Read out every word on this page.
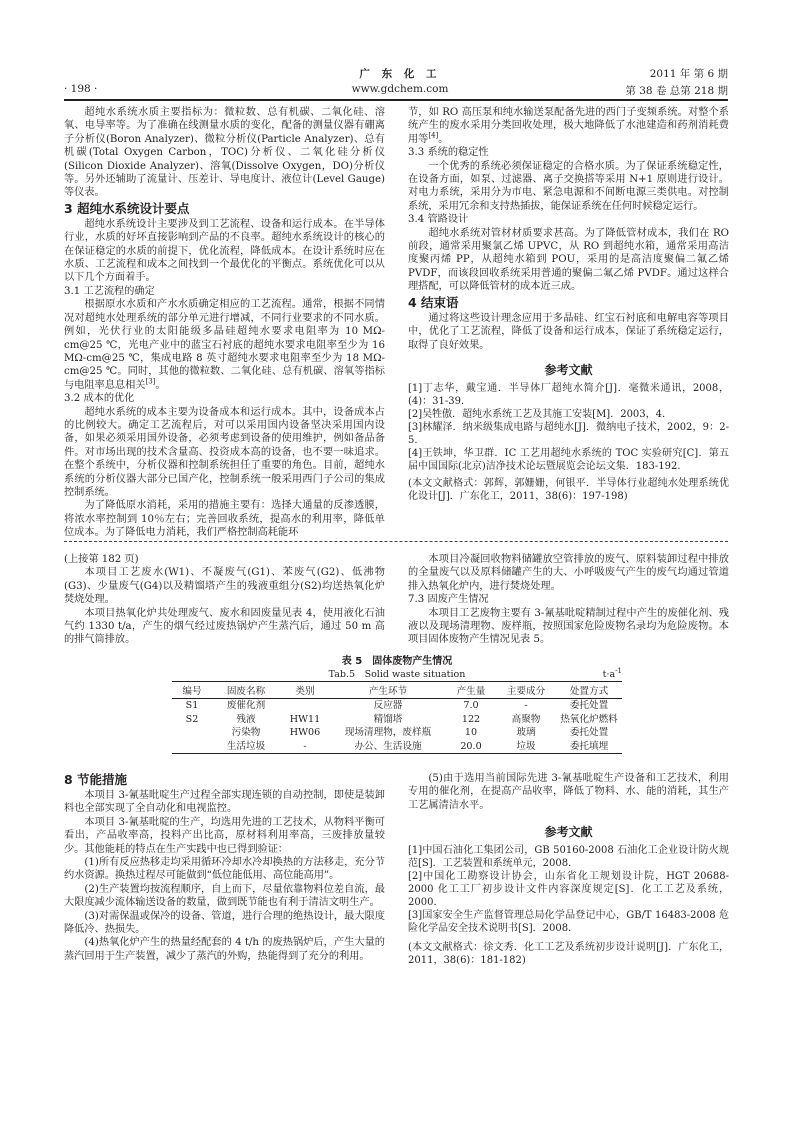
广 东 化 工	2011 年 第 6 期
· 198 ·	www.gdchem.com	第 38 卷 总第 218 期

超纯水系统水质主要指标为：微粒数、总有机碳、二氧化硅、溶氧、电导率等。为了准确在线测量水质的变化，配备的测量仪器有硼离子分析仪(Boron Analyzer)、微粒分析仪(Particle Analyzer)、总有机碳(Total Oxygen Carbon，TOC)分析仪、二氧化硅分析仪(Silicon Dioxide Analyzer)、溶氧(Dissolve Oxygen，DO)分析仪等。另外还辅助了流量计、压差计、导电度计、液位计(Level Gauge)等仪表。

3 超纯水系统设计要点

超纯水系统设计主要涉及到工艺流程、设备和运行成本。在半导体行业，水质的好坏直接影响到产品的不良率。超纯水系统设计的核心的在保证稳定的水质的前提下，优化流程，降低成本。在设计系统时应在水质、工艺流程和成本之间找到一个最优化的平衡点。系统优化可以从以下几个方面着手。

3.1 工艺流程的确定

根据原水水质和产水水质确定相应的工艺流程。通常，根据不同情况对超纯水处理系统的部分单元进行增减，不同行业要求的不同水质。例如，光伏行业的太阳能级多晶硅超纯水要求电阻率为 10 MΩ-cm@25 ℃，光电产业中的蓝宝石衬底的超纯水要求电阻率至少为 16 MΩ-cm@25 ℃，集成电路 8 英寸超纯水要求电阻率至少为 18 MΩ-cm@25 ℃。同时，其他的微粒数、二氧化硅、总有机碳、溶氧等指标与电阻率息息相关[3]。

3.2 成本的优化

超纯水系统的成本主要为设备成本和运行成本。其中，设备成本占的比例较大。确定工艺流程后，对可以采用国内设备坚决采用国内设备，如果必须采用国外设备，必须考虑到设备的使用维护，例如备品备件。对市场出现的技术含量高、投资成本高的设备，也不要一味追求。在整个系统中，分析仪器和控制系统担任了重要的角色。目前，超纯水系统的分析仪器大部分已国产化，控制系统一般采用西门子公司的集成控制系统。

为了降低原水消耗，采用的措施主要有：选择大通量的反渗透膜，将浓水率控制到 10％左右；完善回收系统，提高水的利用率，降低单位成本。为了降低电力消耗，我们严格控制高耗能环

节，如 RO 高压泵和纯水输送泵配备先进的西门子变频系统。对整个系统产生的废水采用分类回收处理，极大地降低了水池建造和药剂消耗费用等[4]。

3.3 系统的稳定性

一个优秀的系统必须保证稳定的合格水质。为了保证系统稳定性，在设备方面，如泵、过滤器、离子交换搭等采用 N+1 原则进行设计。对电力系统，采用分为市电、紧急电源和不间断电源三类供电。对控制系统，采用冗余和支持热插拔，能保证系统在任何时候稳定运行。

3.4 管路设计

超纯水系统对管材材质要求甚高。为了降低管材成本，我们在 RO 前段，通常采用聚氯乙烯 UPVC，从 RO 到超纯水箱，通常采用高洁度聚丙烯 PP，从超纯水箱到 POU，采用的是高洁度聚偏二氟乙烯 PVDF，而该段回收系统采用普通的聚偏二氟乙烯 PVDF。通过这样合理搭配，可以降低管材的成本近三成。

4 结束语

通过将这些设计理念应用于多晶硅、红宝石衬底和电解电容等项目中，优化了工艺流程，降低了设备和运行成本，保证了系统稳定运行，取得了良好效果。

参考文献

[1]丁志华，戴宝通．半导体厂超纯水简介[J]．毫微米通讯，2008，(4)：31-39．

[2]吴牲傲．超纯水系统工艺及其施工安装[M]．2003，4．

[3]林耀泽．纳米级集成电路与超纯水[J]．微纳电子技术，2002，9：2-5．

[4]王铁坤，华卫群．IC 工艺用超纯水系统的 TOC 实验研究[C]．第五届中国国际(北京)洁净技术论坛暨展览会论坛文集．183-192．

(本文文献格式：郭辉，郭姗姗，何银平．半导体行业超纯水处理系统优化设计[J]．广东化工，2011，38(6)：197-198)

(上接第 182 页)

本项目工艺废水(W1)、不凝废气(G1)、苯废气(G2)、低沸物(G3)、少量废气(G4)以及精馏塔产生的残液重组分(S2)均送热氧化炉焚烧处理。

本项目热氧化炉共处理废气、废水和固废量见表 4，使用液化石油气约 1330 t/a，产生的烟气经过废热锅炉产生蒸汽后，通过 50 m 高的排气筒排放。

本项目冷凝回收物料储罐放空管排放的废气、原料装卸过程中排放的全量废气以及原料储罐产生的大、小呼吸废气产生的废气均通过管道排入热氧化炉内，进行焚烧处理。

7.3 固废产生情况

本项目工艺废物主要有 3-氰基吡啶精制过程中产生的废催化剂、残液以及现场清理物、废样瓶，按照国家危险废物名录均为危险废物。本项目固体废物产生情况见表 5。

表 5　固体废物产生情况
Tab.5　Solid waste situation	$t\cdot a^{-1}$
编号	固废名称	类别	产生环节	产生量	主要成分	处置方式
S1	废催化剂		反应器	7.0	-	委托处置
S2	残液	HW11	精馏塔	122	高聚物	热氧化炉燃料
	污染物	HW06	现场清理物，废样瓶	10	玻璃	委托处置
	生活垃圾	-	办公、生活设施	20.0	垃圾	委托填埋
8 节能措施

本项目 3-氰基吡啶生产过程全部实现连锁的自动控制，即使是装卸料也全部实现了全自动化和电视监控。

本项目 3-氰基吡啶的生产，均选用先进的工艺技术，从物料平衡可看出，产品收率高，投料产出比高，原材料利用率高，三废排放量较少。其他能耗的特点在生产实践中也已得到验证：

(1)所有反应热移走均采用循环冷却水冷却换热的方法移走，充分节约水资源。换热过程尽可能做到“低位能低用、高位能高用”。

(2)生产装置均按流程顺序，自上而下，尽量依靠物料位差自流，最大限度减少流体输送设备的数量，做到既节能也有利于清洁文明生产。

(3)对需保温或保冷的设备、管道，进行合理的绝热设计，最大限度降低冷、热损失。

(4)热氧化炉产生的热量经配套的 4 t/h 的废热锅炉后，产生大量的蒸汽回用于生产装置，减少了蒸汽的外购，热能得到了充分的利用。

(5)由于选用当前国际先进 3-氰基吡啶生产设备和工艺技术，利用专用的催化剂，在提高产品收率，降低了物料、水、能的消耗，其生产工艺属清洁水平。

参考文献

[1]中国石油化工集团公司，GB 50160-2008 石油化工企业设计防火规范[S]．工艺装置和系统单元，2008．

[2]中国化工勘察设计协会，山东省化工规划设计院，HGT 20688-2000 化工工厂初步设计文件内容深度规定[S]．化工工艺及系统，2000．

[3]国家安全生产监督管理总局化学品登记中心，GB/T 16483-2008 危险化学品安全技术说明书[S]．2008．

(本文文献格式：徐文秀．化工工艺及系统初步设计说明[J]．广东化工，2011，38(6)：181-182)
